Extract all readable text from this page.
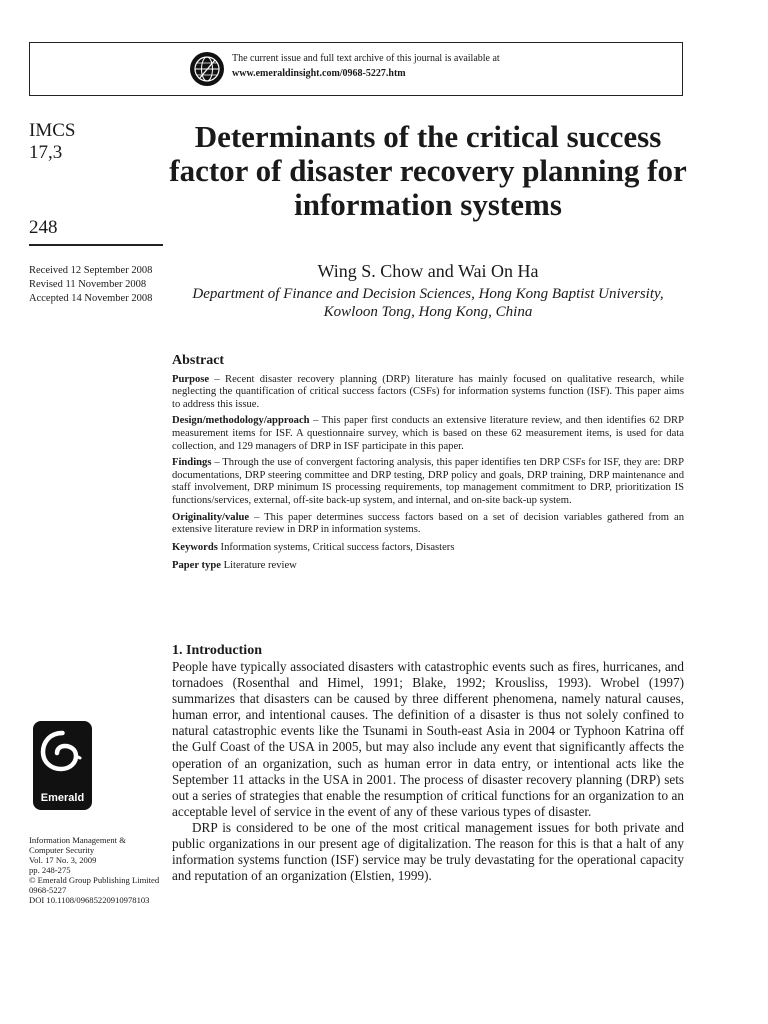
The current issue and full text archive of this journal is available at
www.emeraldinsight.com/0968-5227.htm
IMCS
17,3
248
Received 12 September 2008
Revised 11 November 2008
Accepted 14 November 2008
Determinants of the critical success factor of disaster recovery planning for information systems
Wing S. Chow and Wai On Ha
Department of Finance and Decision Sciences, Hong Kong Baptist University,
Kowloon Tong, Hong Kong, China
Abstract

Purpose – Recent disaster recovery planning (DRP) literature has mainly focused on qualitative research, while neglecting the quantification of critical success factors (CSFs) for information systems function (ISF). This paper aims to address this issue.

Design/methodology/approach – This paper first conducts an extensive literature review, and then identifies 62 DRP measurement items for ISF. A questionnaire survey, which is based on these 62 measurement items, is used for data collection, and 129 managers of DRP in ISF participate in this paper.

Findings – Through the use of convergent factoring analysis, this paper identifies ten DRP CSFs for ISF, they are: DRP documentations, DRP steering committee and DRP testing, DRP policy and goals, DRP training, DRP maintenance and staff involvement, DRP minimum IS processing requirements, top management commitment to DRP, prioritization IS functions/services, external, off-site back-up system, and internal, and on-site back-up system.

Originality/value – This paper determines success factors based on a set of decision variables gathered from an extensive literature review in DRP in information systems.

Keywords Information systems, Critical success factors, Disasters

Paper type Literature review

1. Introduction

People have typically associated disasters with catastrophic events such as fires, hurricanes, and tornadoes (Rosenthal and Himel, 1991; Blake, 1992; Krousliss, 1993). Wrobel (1997) summarizes that disasters can be caused by three different phenomena, namely natural causes, human error, and intentional causes. The definition of a disaster is thus not solely confined to natural catastrophic events like the Tsunami in South-east Asia in 2004 or Typhoon Katrina off the Gulf Coast of the USA in 2005, but may also include any event that significantly affects the operation of an organization, such as human error in data entry, or intentional acts like the September 11 attacks in the USA in 2001. The process of disaster recovery planning (DRP) sets out a series of strategies that enable the resumption of critical functions for an organization to an acceptable level of service in the event of any of these various types of disaster.

DRP is considered to be one of the most critical management issues for both private and public organizations in our present age of digitalization. The reason for this is that a halt of any information systems function (ISF) service may be truly devastating for the operational capacity and reputation of an organization (Elstien, 1999).

Emerald
Information Management &
Computer Security
Vol. 17 No. 3, 2009
pp. 248-275
© Emerald Group Publishing Limited
0968-5227
DOI 10.1108/09685220910978103
